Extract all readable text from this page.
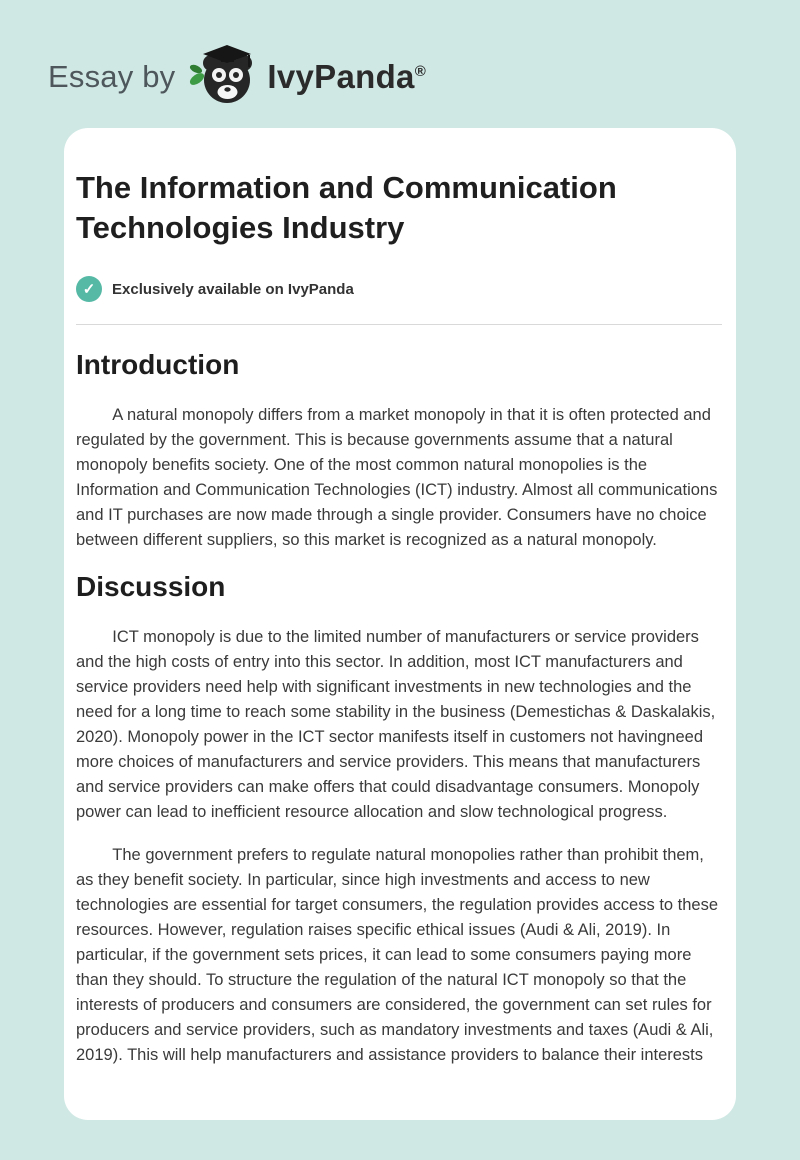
Essay by	IvyPanda®
The Information and Communication Technologies Industry
✓	Exclusively available on IvyPanda
Introduction

A natural monopoly differs from a market monopoly in that it is often protected and regulated by the government. This is because governments assume that a natural monopoly benefits society. One of the most common natural monopolies is the Information and Communication Technologies (ICT) industry. Almost all communications and IT purchases are now made through a single provider. Consumers have no choice between different suppliers, so this market is recognized as a natural monopoly.

Discussion

ICT monopoly is due to the limited number of manufacturers or service providers and the high costs of entry into this sector. In addition, most ICT manufacturers and service providers need help with significant investments in new technologies and the need for a long time to reach some stability in the business (Demestichas & Daskalakis, 2020). Monopoly power in the ICT sector manifests itself in customers not havingneed more choices of manufacturers and service providers. This means that manufacturers and service providers can make offers that could disadvantage consumers. Monopoly power can lead to inefficient resource allocation and slow technological progress.

The government prefers to regulate natural monopolies rather than prohibit them, as they benefit society. In particular, since high investments and access to new technologies are essential for target consumers, the regulation provides access to these resources. However, regulation raises specific ethical issues (Audi & Ali, 2019). In particular, if the government sets prices, it can lead to some consumers paying more than they should. To structure the regulation of the natural ICT monopoly so that the interests of producers and consumers are considered, the government can set rules for producers and service providers, such as mandatory investments and taxes (Audi & Ali, 2019). This will help manufacturers and assistance providers to balance their interests
